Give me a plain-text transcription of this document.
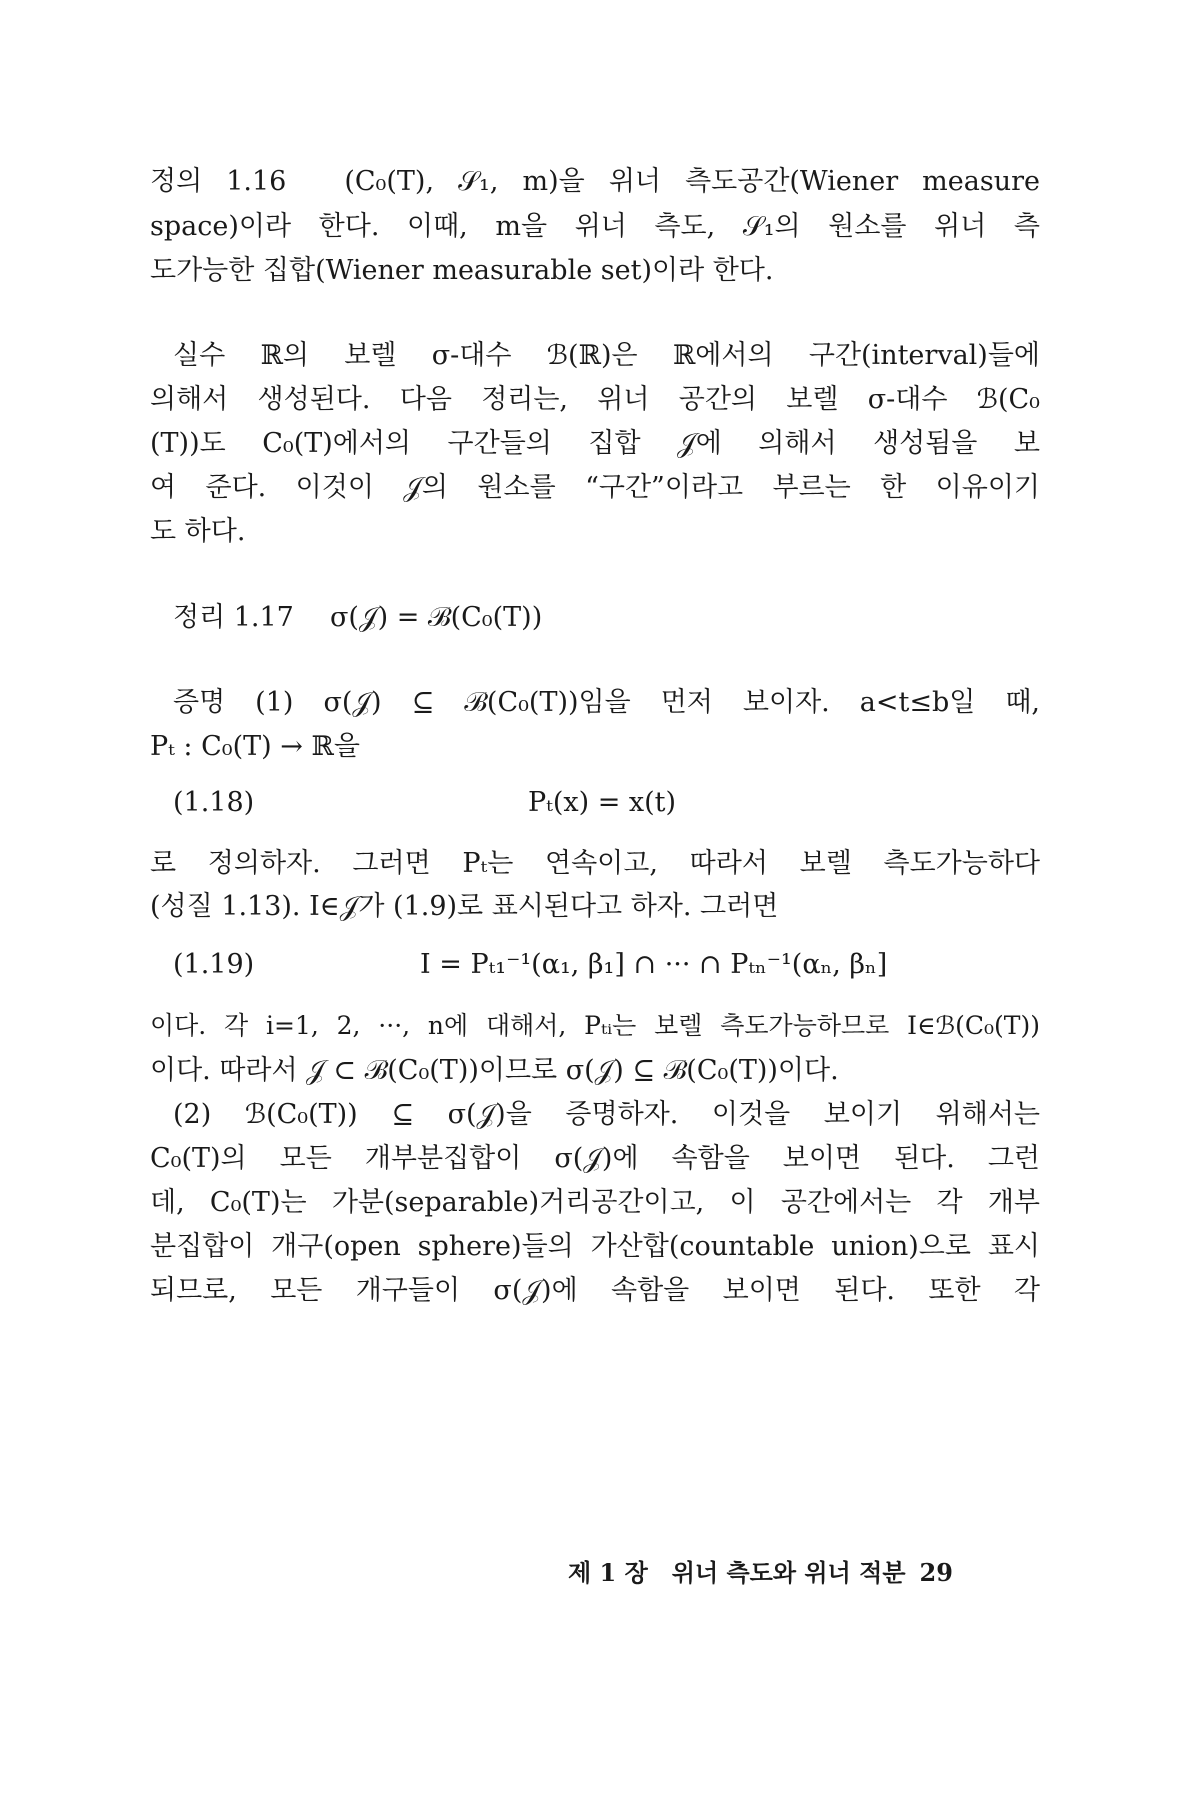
정의 1.16　(C₀(T), 𝒮₁, m)을 위너 측도공간(Wiener measure
space)이라 한다. 이때, m을 위너 측도, 𝒮₁의 원소를 위너 측
도가능한 집합(Wiener measurable set)이라 한다.
실수 ℝ의 보렐 σ-대수 ℬ(ℝ)은 ℝ에서의 구간(interval)들에
의해서 생성된다. 다음 정리는, 위너 공간의 보렐 σ-대수 ℬ(C₀
(T))도 C₀(T)에서의 구간들의 집합 𝒥에 의해서 생성됨을 보
여 준다. 이것이 𝒥의 원소를 “구간”이라고 부르는 한 이유이기
도 하다.
정리 1.17 σ(𝒥) = ℬ(C₀(T))
증명 (1) σ(𝒥) ⊆ ℬ(C₀(T))임을 먼저 보이자. a<t≤b일 때,
Pₜ : C₀(T) → ℝ을
(1.18)	Pₜ(x) = x(t)
로 정의하자. 그러면 Pₜ는 연속이고, 따라서 보렐 측도가능하다
(성질 1.13). I∈𝒥가 (1.9)로 표시된다고 하자. 그러면
(1.19)	I = Pₜ₁⁻¹(α₁, β₁] ∩ ··· ∩ Pₜₙ⁻¹(αₙ, βₙ]
이다. 각 i=1, 2, ···, n에 대해서, Pₜᵢ는 보렐 측도가능하므로 I∈ℬ(C₀(T))
이다. 따라서 𝒥 ⊂ ℬ(C₀(T))이므로 σ(𝒥) ⊆ ℬ(C₀(T))이다.
(2) ℬ(C₀(T)) ⊆ σ(𝒥)을 증명하자. 이것을 보이기 위해서는
C₀(T)의 모든 개부분집합이 σ(𝒥)에 속함을 보이면 된다. 그런
데, C₀(T)는 가분(separable)거리공간이고, 이 공간에서는 각 개부
분집합이 개구(open sphere)들의 가산합(countable union)으로 표시
되므로, 모든 개구들이 σ(𝒥)에 속함을 보이면 된다. 또한 각
제 1 장　위너 측도와 위너 적분 29
